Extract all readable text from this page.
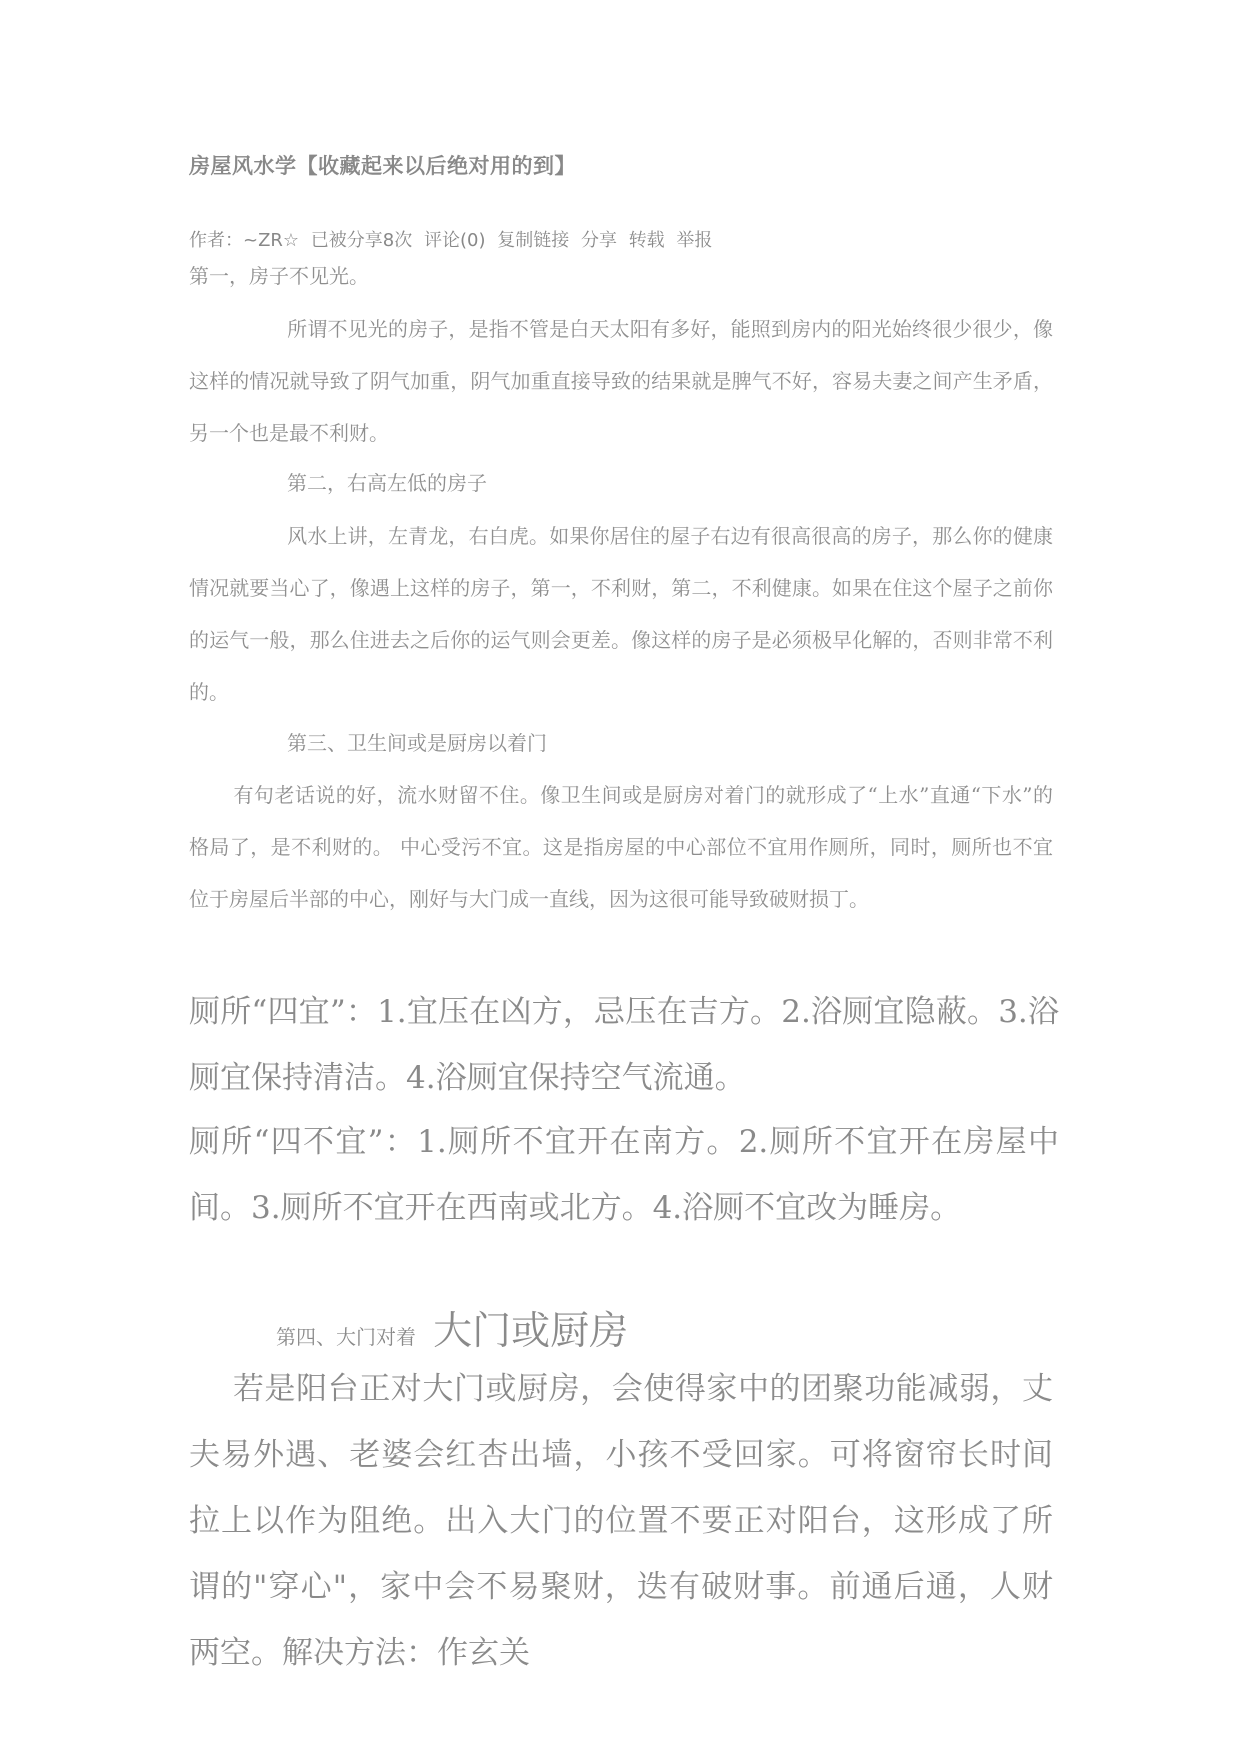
房屋风水学【收藏起来以后绝对用的到】
作者：~ZR☆ 已被分享8次 评论(0) 复制链接 分享 转载 举报
第一，房子不见光。
所谓不见光的房子，是指不管是白天太阳有多好，能照到房内的阳光始终很少很少，像这样的情况就导致了阴气加重，阴气加重直接导致的结果就是脾气不好，容易夫妻之间产生矛盾，另一个也是最不利财。
第二，右高左低的房子
风水上讲，左青龙，右白虎。如果你居住的屋子右边有很高很高的房子，那么你的健康情况就要当心了，像遇上这样的房子，第一，不利财，第二，不利健康。如果在住这个屋子之前你的运气一般，那么住进去之后你的运气则会更差。像这样的房子是必须极早化解的，否则非常不利的。
第三、卫生间或是厨房以着门
有句老话说的好，流水财留不住。像卫生间或是厨房对着门的就形成了“上水”直通“下水”的格局了，是不利财的。 中心受污不宜。这是指房屋的中心部位不宜用作厕所，同时，厕所也不宜位于房屋后半部的中心，刚好与大门成一直线，因为这很可能导致破财损丁。
厕所“四宜”：1.宜压在凶方，忌压在吉方。2.浴厕宜隐蔽。3.浴厕宜保持清洁。4.浴厕宜保持空气流通。
厕所“四不宜”：1.厕所不宜开在南方。2.厕所不宜开在房屋中间。3.厕所不宜开在西南或北方。4.浴厕不宜改为睡房。
第四、大门对着 大门或厨房
若是阳台正对大门或厨房，会使得家中的团聚功能减弱，丈夫易外遇、老婆会红杏出墙，小孩不受回家。可将窗帘长时间拉上以作为阻绝。出入大门的位置不要正对阳台，这形成了所谓的"穿心"，家中会不易聚财，迭有破财事。前通后通，人财两空。解决方法：作玄关
